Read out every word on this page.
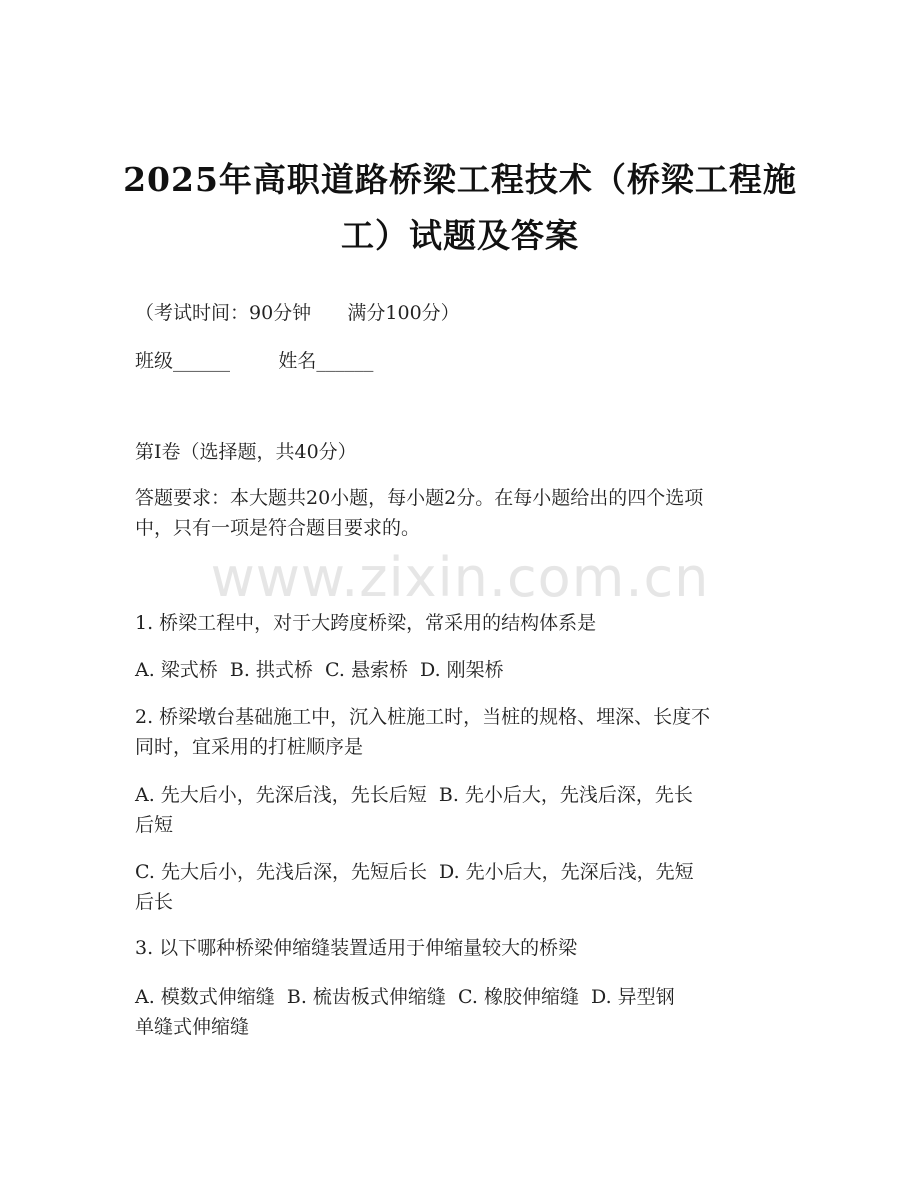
2025年高职道路桥梁工程技术（桥梁工程施
工）试题及答案
（考试时间：90分钟      满分100分）
班级______        姓名______
第I卷（选择题，共40分）
答题要求：本大题共20小题，每小题2分。在每小题给出的四个选项
中，只有一项是符合题目要求的。
www.zixin.com.cn
1. 桥梁工程中，对于大跨度桥梁，常采用的结构体系是
A. 梁式桥  B. 拱式桥  C. 悬索桥  D. 刚架桥
2. 桥梁墩台基础施工中，沉入桩施工时，当桩的规格、埋深、长度不
同时，宜采用的打桩顺序是
A. 先大后小，先深后浅，先长后短  B. 先小后大，先浅后深，先长
后短
C. 先大后小，先浅后深，先短后长  D. 先小后大，先深后浅，先短
后长
3. 以下哪种桥梁伸缩缝装置适用于伸缩量较大的桥梁
A. 模数式伸缩缝  B. 梳齿板式伸缩缝  C. 橡胶伸缩缝  D. 异型钢
单缝式伸缩缝
